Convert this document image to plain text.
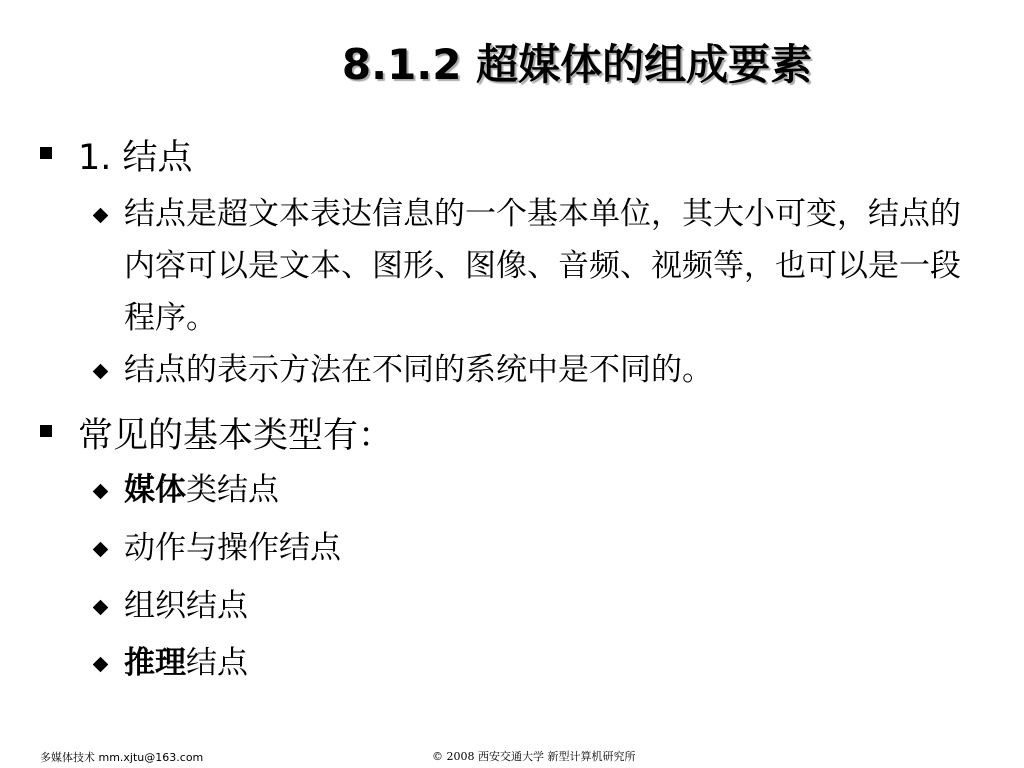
8.1.2 超媒体的组成要素
1. 结点
结点是超文本表达信息的一个基本单位，其大小可变，结点的内容可以是文本、图形、图像、音频、视频等，也可以是一段程序。
结点的表示方法在不同的系统中是不同的。
常见的基本类型有：
媒体类结点
动作与操作结点
组织结点
推理结点
多媒体技术 mm.xjtu@163.com	© 2008 西安交通大学 新型计算机研究所
